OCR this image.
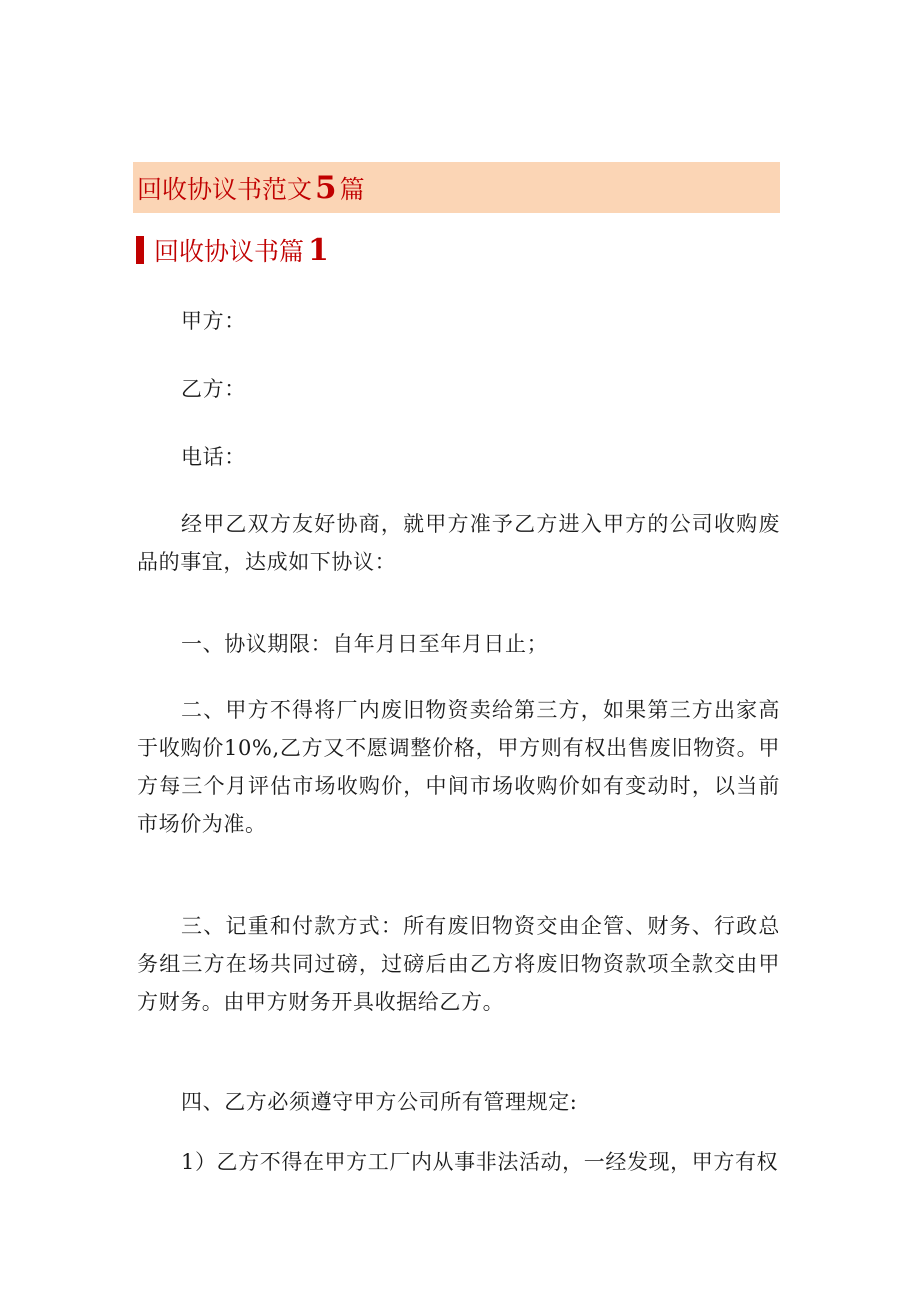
回收协议书范文5 篇
回收协议书篇 1
甲方：
乙方：
电话：
经甲乙双方友好协商，就甲方准予乙方进入甲方的公司收购废品的事宜，达成如下协议：
一、协议期限：自年月日至年月日止；
二、甲方不得将厂内废旧物资卖给第三方，如果第三方出家高于收购价10%,乙方又不愿调整价格，甲方则有权出售废旧物资。甲方每三个月评估市场收购价，中间市场收购价如有变动时，以当前市场价为准。
三、记重和付款方式：所有废旧物资交由企管、财务、行政总务组三方在场共同过磅，过磅后由乙方将废旧物资款项全款交由甲方财务。由甲方财务开具收据给乙方。
四、乙方必须遵守甲方公司所有管理规定:
1）乙方不得在甲方工厂内从事非法活动，一经发现，甲方有权
